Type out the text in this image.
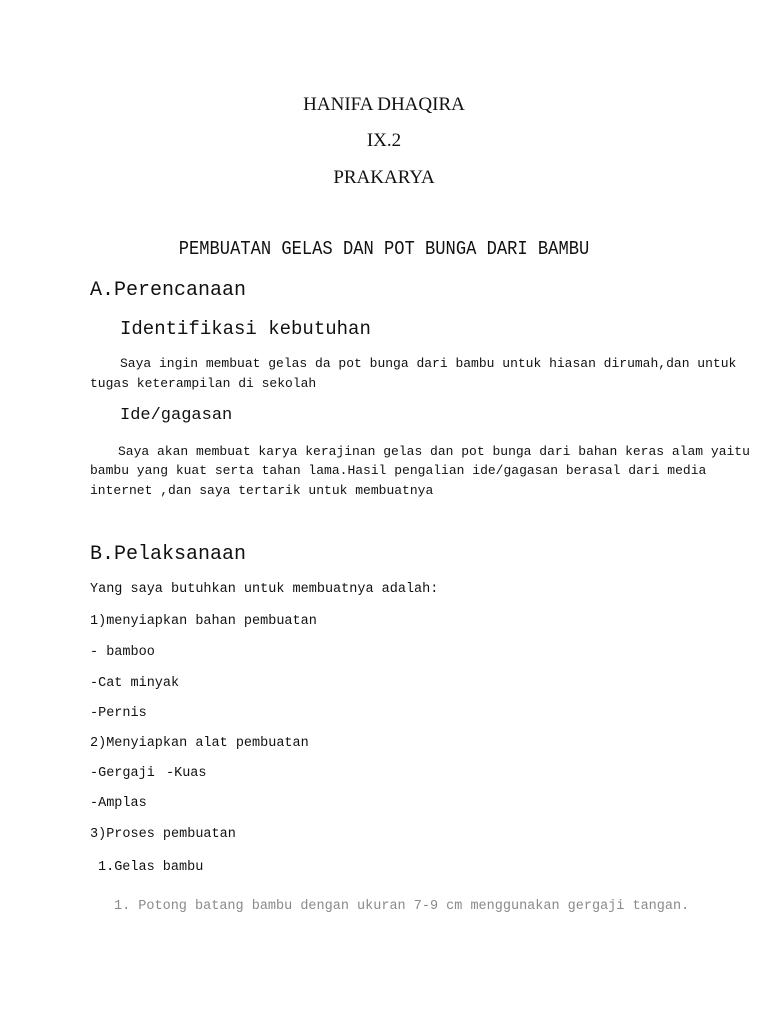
HANIFA DHAQIRA
IX.2
PRAKARYA
PEMBUATAN GELAS DAN POT BUNGA DARI BAMBU
A.Perencanaan
Identifikasi kebutuhan
Saya ingin membuat gelas da pot bunga dari bambu untuk hiasan dirumah,dan untuk
tugas keterampilan di sekolah
Ide/gagasan
Saya akan membuat karya kerajinan gelas dan pot bunga dari bahan keras alam yaitu
bambu yang kuat serta tahan lama.Hasil pengalian ide/gagasan berasal dari media
internet ,dan saya tertarik untuk membuatnya
B.Pelaksanaan
Yang saya butuhkan untuk membuatnya adalah:
1)menyiapkan bahan pembuatan
- bamboo
-Cat minyak
-Pernis
2)Menyiapkan alat pembuatan
-Gergaji -Kuas
-Amplas
3)Proses pembuatan
1.Gelas bambu
1. Potong batang bambu dengan ukuran 7-9 cm menggunakan gergaji tangan.
